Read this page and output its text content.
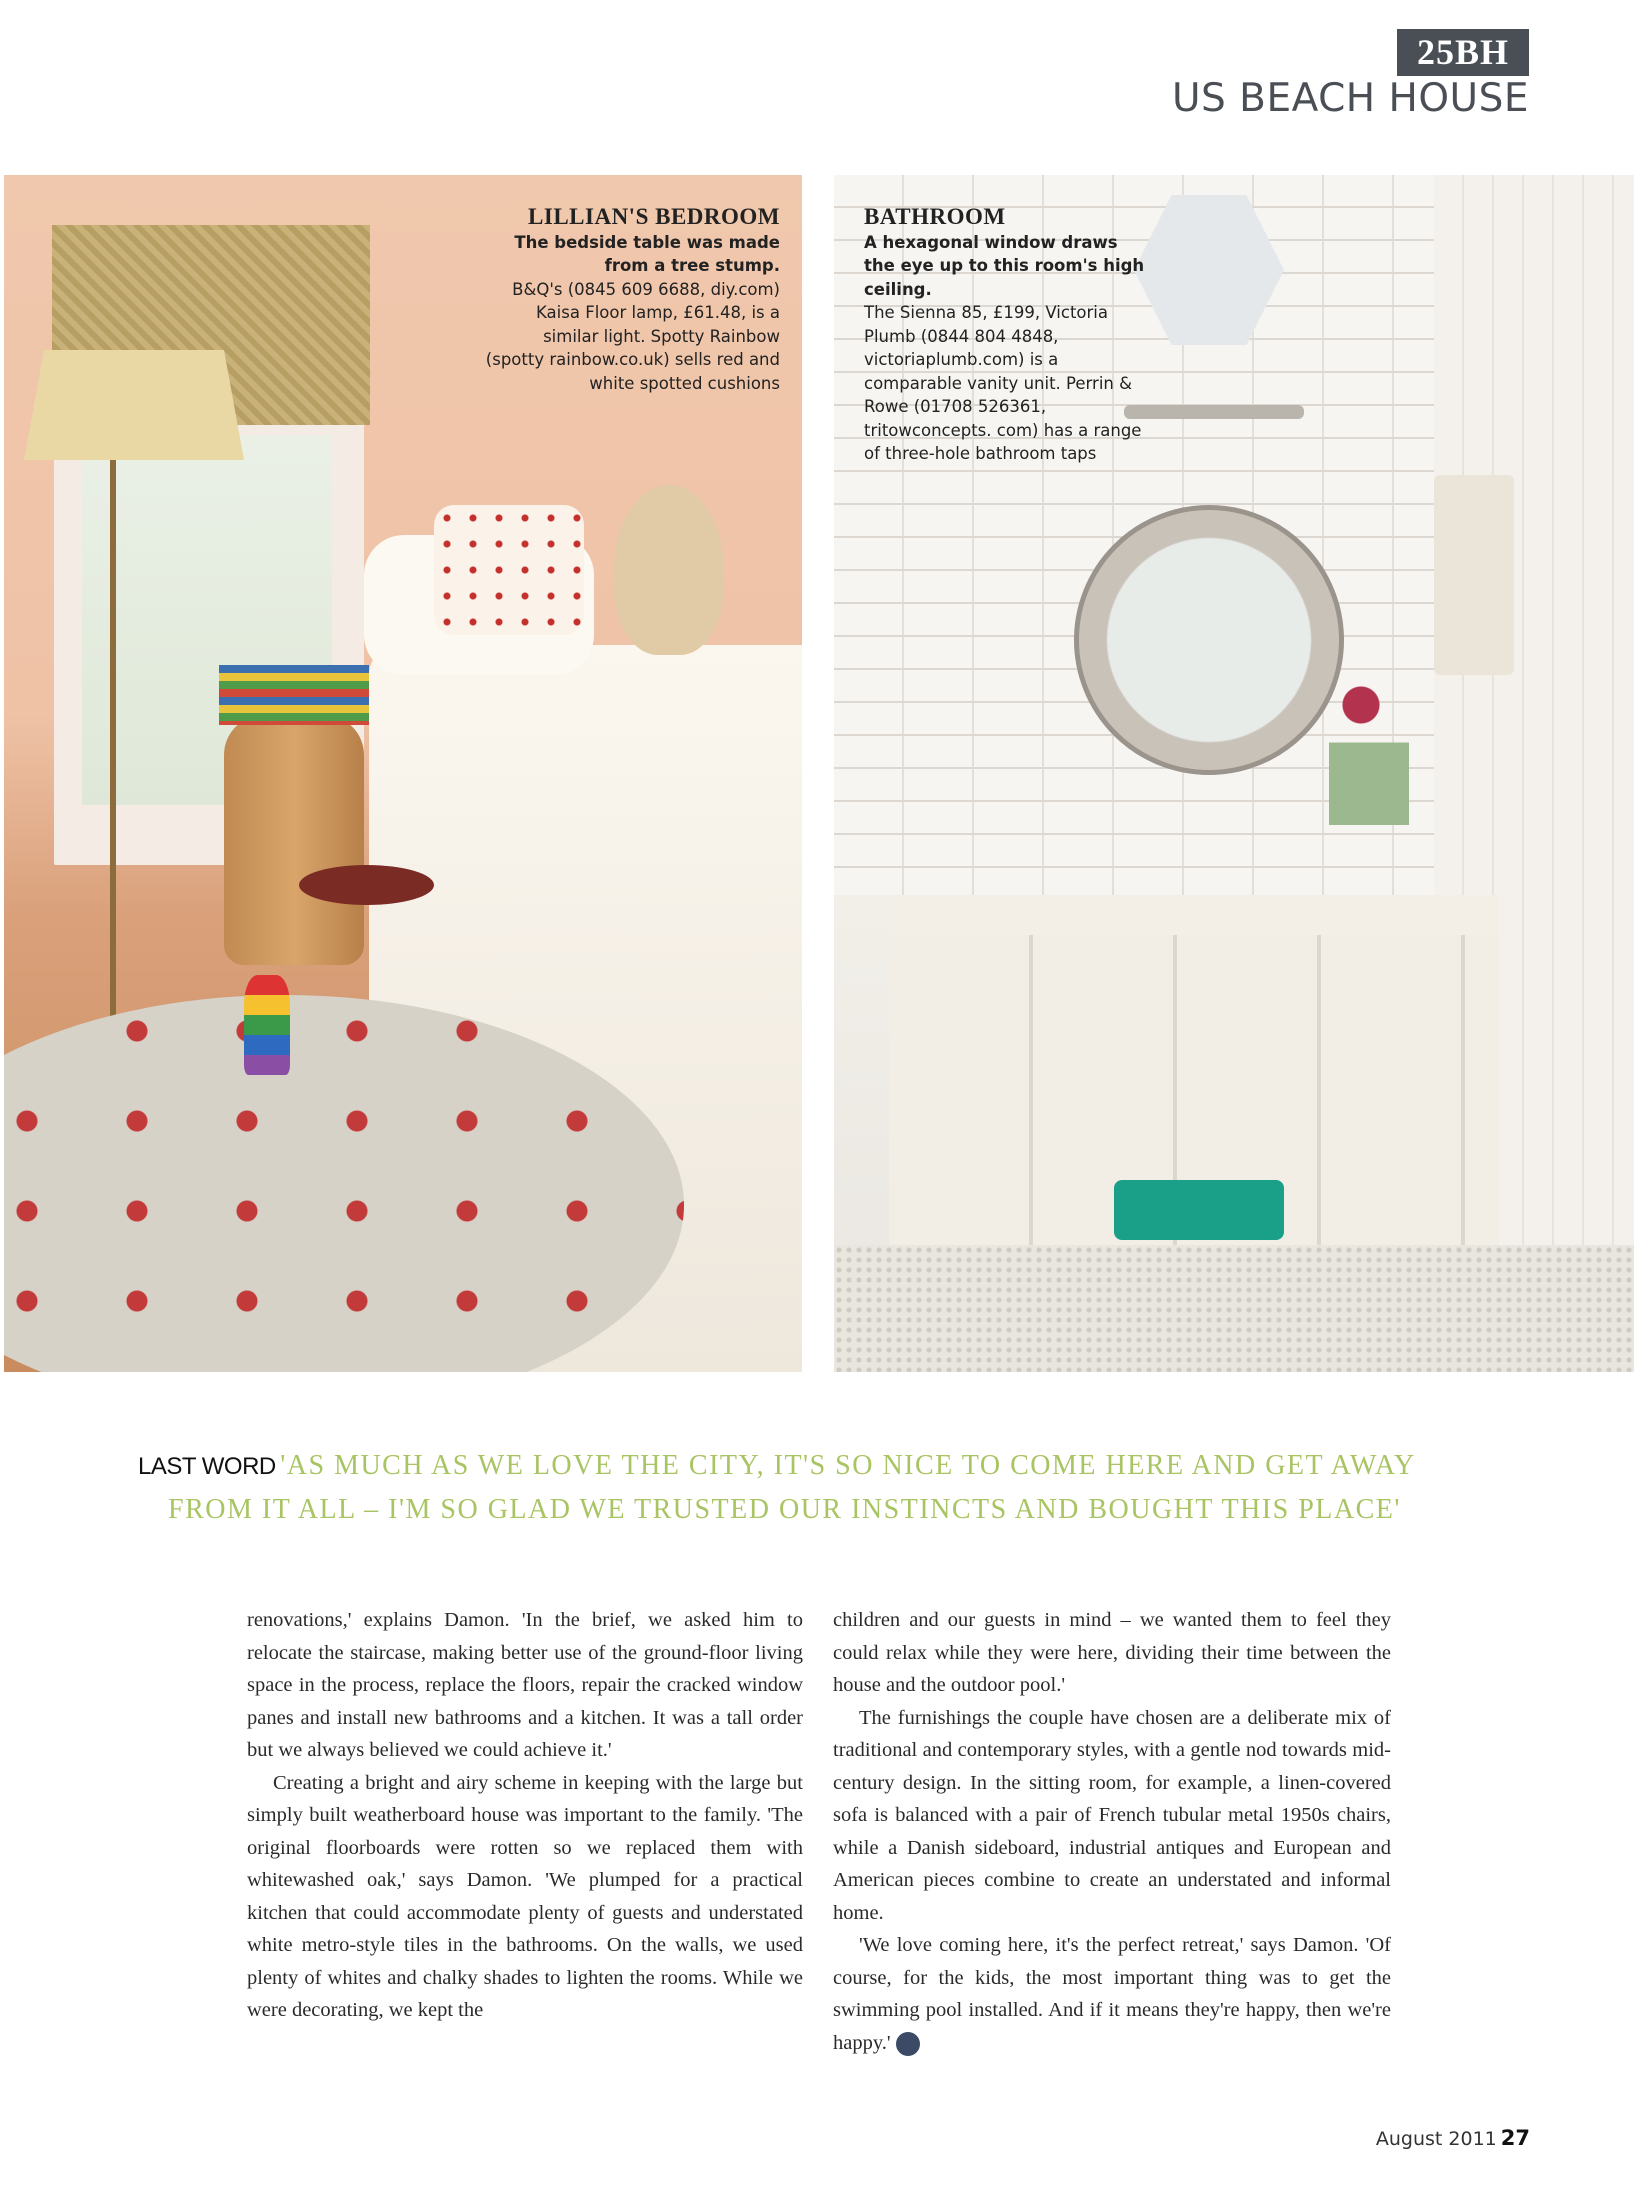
25BH
US BEACH HOUSE
LILLIAN'S BEDROOM
The bedside table was made from a tree stump.
B&Q's (0845 609 6688, diy.com) Kaisa Floor lamp, £61.48, is a similar light. Spotty Rainbow (spotty rainbow.co.uk) sells red and white spotted cushions
BATHROOM
A hexagonal window draws the eye up to this room's high ceiling.
The Sienna 85, £199, Victoria Plumb (0844 804 4848, victoriaplumb.com) is a comparable vanity unit. Perrin & Rowe (01708 526361, tritowconcepts. com) has a range of three-hole bathroom taps
LAST WORD 'AS MUCH AS WE LOVE THE CITY, IT'S SO NICE TO COME HERE AND GET AWAY
FROM IT ALL – I'M SO GLAD WE TRUSTED OUR INSTINCTS AND BOUGHT THIS PLACE'

renovations,' explains Damon. 'In the brief, we asked him to relocate the staircase, making better use of the ground-floor living space in the process, replace the floors, repair the cracked window panes and install new bathrooms and a kitchen. It was a tall order but we always believed we could achieve it.'

Creating a bright and airy scheme in keeping with the large but simply built weatherboard house was important to the family. 'The original floorboards were rotten so we replaced them with whitewashed oak,' says Damon. 'We plumped for a practical kitchen that could accommodate plenty of guests and understated white metro-style tiles in the bathrooms. On the walls, we used plenty of whites and chalky shades to lighten the rooms. While we were decorating, we kept the

children and our guests in mind – we wanted them to feel they could relax while they were here, dividing their time between the house and the outdoor pool.'

The furnishings the couple have chosen are a deliberate mix of traditional and contemporary styles, with a gentle nod towards mid-century design. In the sitting room, for example, a linen-covered sofa is balanced with a pair of French tubular metal 1950s chairs, while a Danish sideboard, industrial antiques and European and American pieces combine to create an understated and informal home.

'We love coming here, it's the perfect retreat,' says Damon. 'Of course, for the kids, the most important thing was to get the swimming pool installed. And if it means they're happy, then we're happy.' H

August 2011 27
